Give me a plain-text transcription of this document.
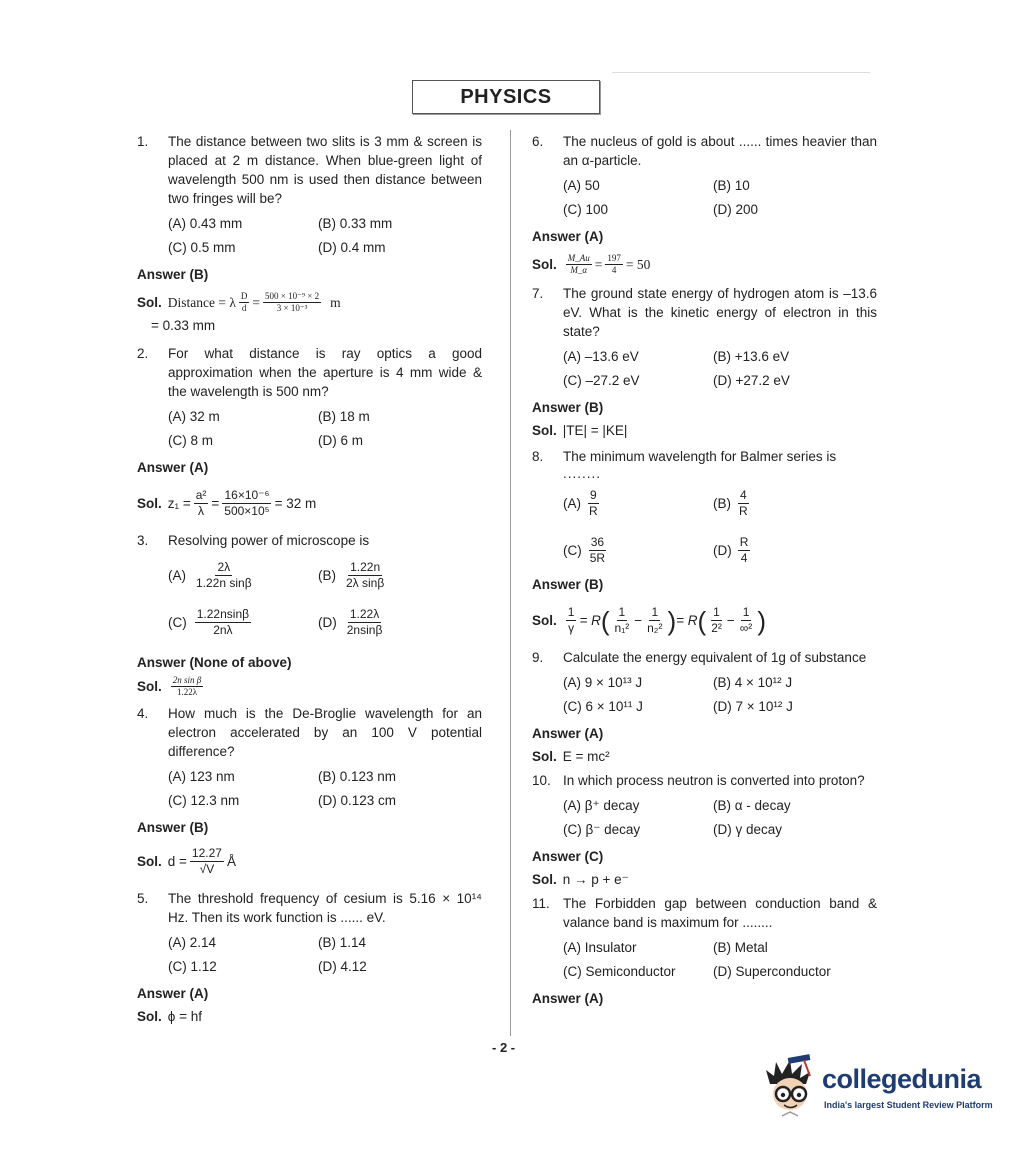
PHYSICS
1.	The distance between two slits is 3 mm & screen is placed at 2 m distance. When blue-green light of wavelength 500 nm is used then distance between two fringes will be?
(A) 0.43 mm	(B) 0.33 mm
(C) 0.5 mm	(D) 0.4 mm
Answer (B)
Sol. Distance = λ $\frac{D}{d} = \frac{\text{500 × 10⁻⁹ × 2}}{\text{3 × 10⁻³}}$ m
= 0.33 mm
2.	For what distance is ray optics a good approximation when the aperture is 4 mm wide & the wavelength is 500 nm?
(A) 32 m	(B) 18 m
(C) 8 m	(D) 6 m
Answer (A)
Sol. $z_1 = \frac{\text{a²}}{\lambda} = \frac{\text{16×10⁻⁶}}{\text{500×10⁵}} = 32$ m
3.	Resolving power of microscope is
$(A) \frac{2\lambda}{\text{1.22n sinβ}}$	$(B) \frac{1.22n}{\text{2λ sinβ}}$
$(C) \frac{1.22nsin\beta}{2n\lambda}$	$(D) \frac{1.22\lambda}{2nsin\beta}$
Answer (None of above)
Sol. $\frac{\text{2n sin β}}{1.22\lambda}$
4.	How much is the De-Broglie wavelength for an electron accelerated by an 100 V potential difference?
(A) 123 nm	(B) 0.123 nm
(C) 12.3 nm	(D) 0.123 cm
Answer (B)
Sol. $d = \frac{12.27}{√V}$ Å
5.	The threshold frequency of cesium is 5.16 × 10¹⁴ Hz. Then its work function is ...... eV.
(A) 2.14	(B) 1.14
(C) 1.12	(D) 4.12
Answer (A)
Sol. ϕ = hf
6.	The nucleus of gold is about ...... times heavier than an α-particle.
(A) 50	(B) 10
(C) 100	(D) 200
Answer (A)
Sol. $\frac{M\_Au}{M\_\alpha} = \frac{197}{4} = 50$
7.	The ground state energy of hydrogen atom is –13.6 eV. What is the kinetic energy of electron in this state?
(A) –13.6 eV	(B) +13.6 eV
(C) –27.2 eV	(D) +27.2 eV
Answer (B)
Sol. |TE| = |KE|
8.	The minimum wavelength for Balmer series is
........
$(A) \frac{9}{R}$	$(B) \frac{4}{R}$
$(C) \frac{36}{5R}$	$(D) \frac{R}{4}$
Answer (B)
Sol. $\frac{1}{\gamma} = R$ ( $\frac{1}{\text{n₁²}} - \frac{1}{\text{n₂²}}$ ) = R ( $\frac{1}{\text{2²}} - \frac{1}{\text{∞²}}$ )
9.	Calculate the energy equivalent of 1g of substance
(A) 9 × 10¹³ J	(B) 4 × 10¹² J
(C) 6 × 10¹¹ J	(D) 7 × 10¹² J
Answer (A)
Sol. E = mc²
10. In which process neutron is converted into proton?
(A) β⁺ decay	(B) α - decay
(C) β⁻ decay	(D) γ decay
Answer (C)
Sol. n → p + e⁻
11. The Forbidden gap between conduction band & valance band is maximum for ........
(A) Insulator	(B) Metal
(C) Semiconductor	(D) Superconductor
Answer (A)
- 2 -
collegedunia
India's largest Student Review Platform
